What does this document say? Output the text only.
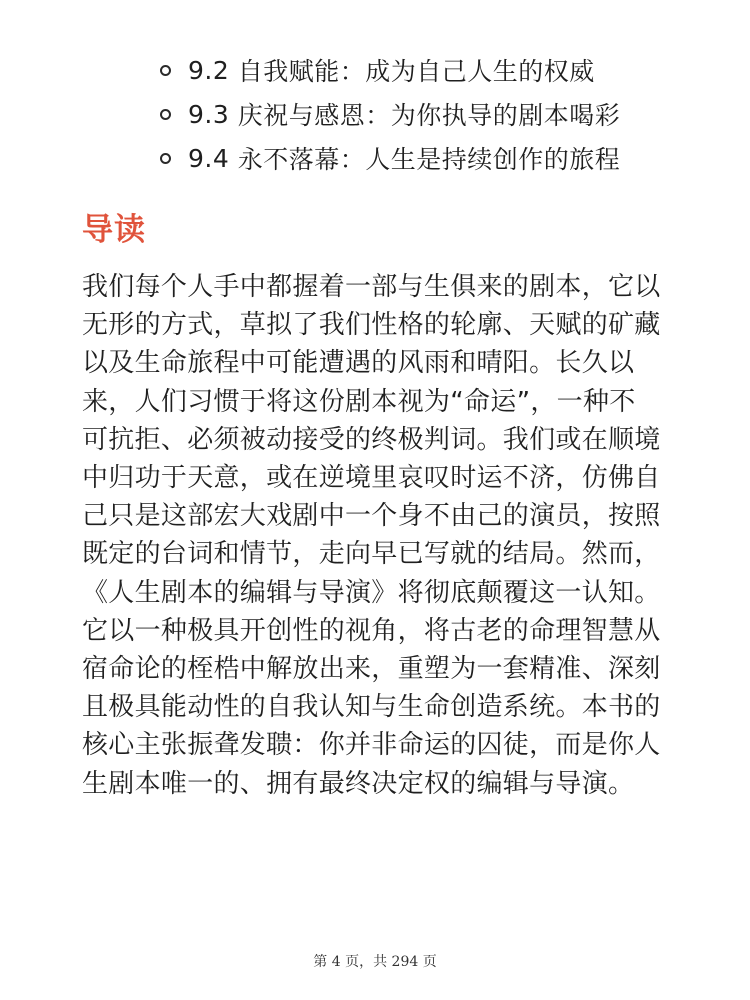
9.2
自我赋能：成为自己人生的权威
9.3
庆祝与感恩：为你执导的剧本喝彩
9.4
永不落幕：人生是持续创作的旅程
导读

我们每个人手中都握着一部与生俱来的剧本，它以
无形的方式，草拟了我们性格的轮廓、天赋的矿藏
以及生命旅程中可能遭遇的风雨和晴阳。长久以
来，人们习惯于将这份剧本视为“命运”，一种不
可抗拒、必须被动接受的终极判词。我们或在顺境
中归功于天意，或在逆境里哀叹时运不济，仿佛自
己只是这部宏大戏剧中一个身不由己的演员，按照
既定的台词和情节，走向早已写就的结局。然而，
《人生剧本的编辑与导演》将彻底颠覆这一认知。
它以一种极具开创性的视角，将古老的命理智慧从
宿命论的桎梏中解放出来，重塑为一套精准、深刻
且极具能动性的自我认知与生命创造系统。本书的
核心主张振聋发聩：你并非命运的囚徒，而是你人
生剧本唯一的、拥有最终决定权的编辑与导演。

第 4 页，共 294 页
